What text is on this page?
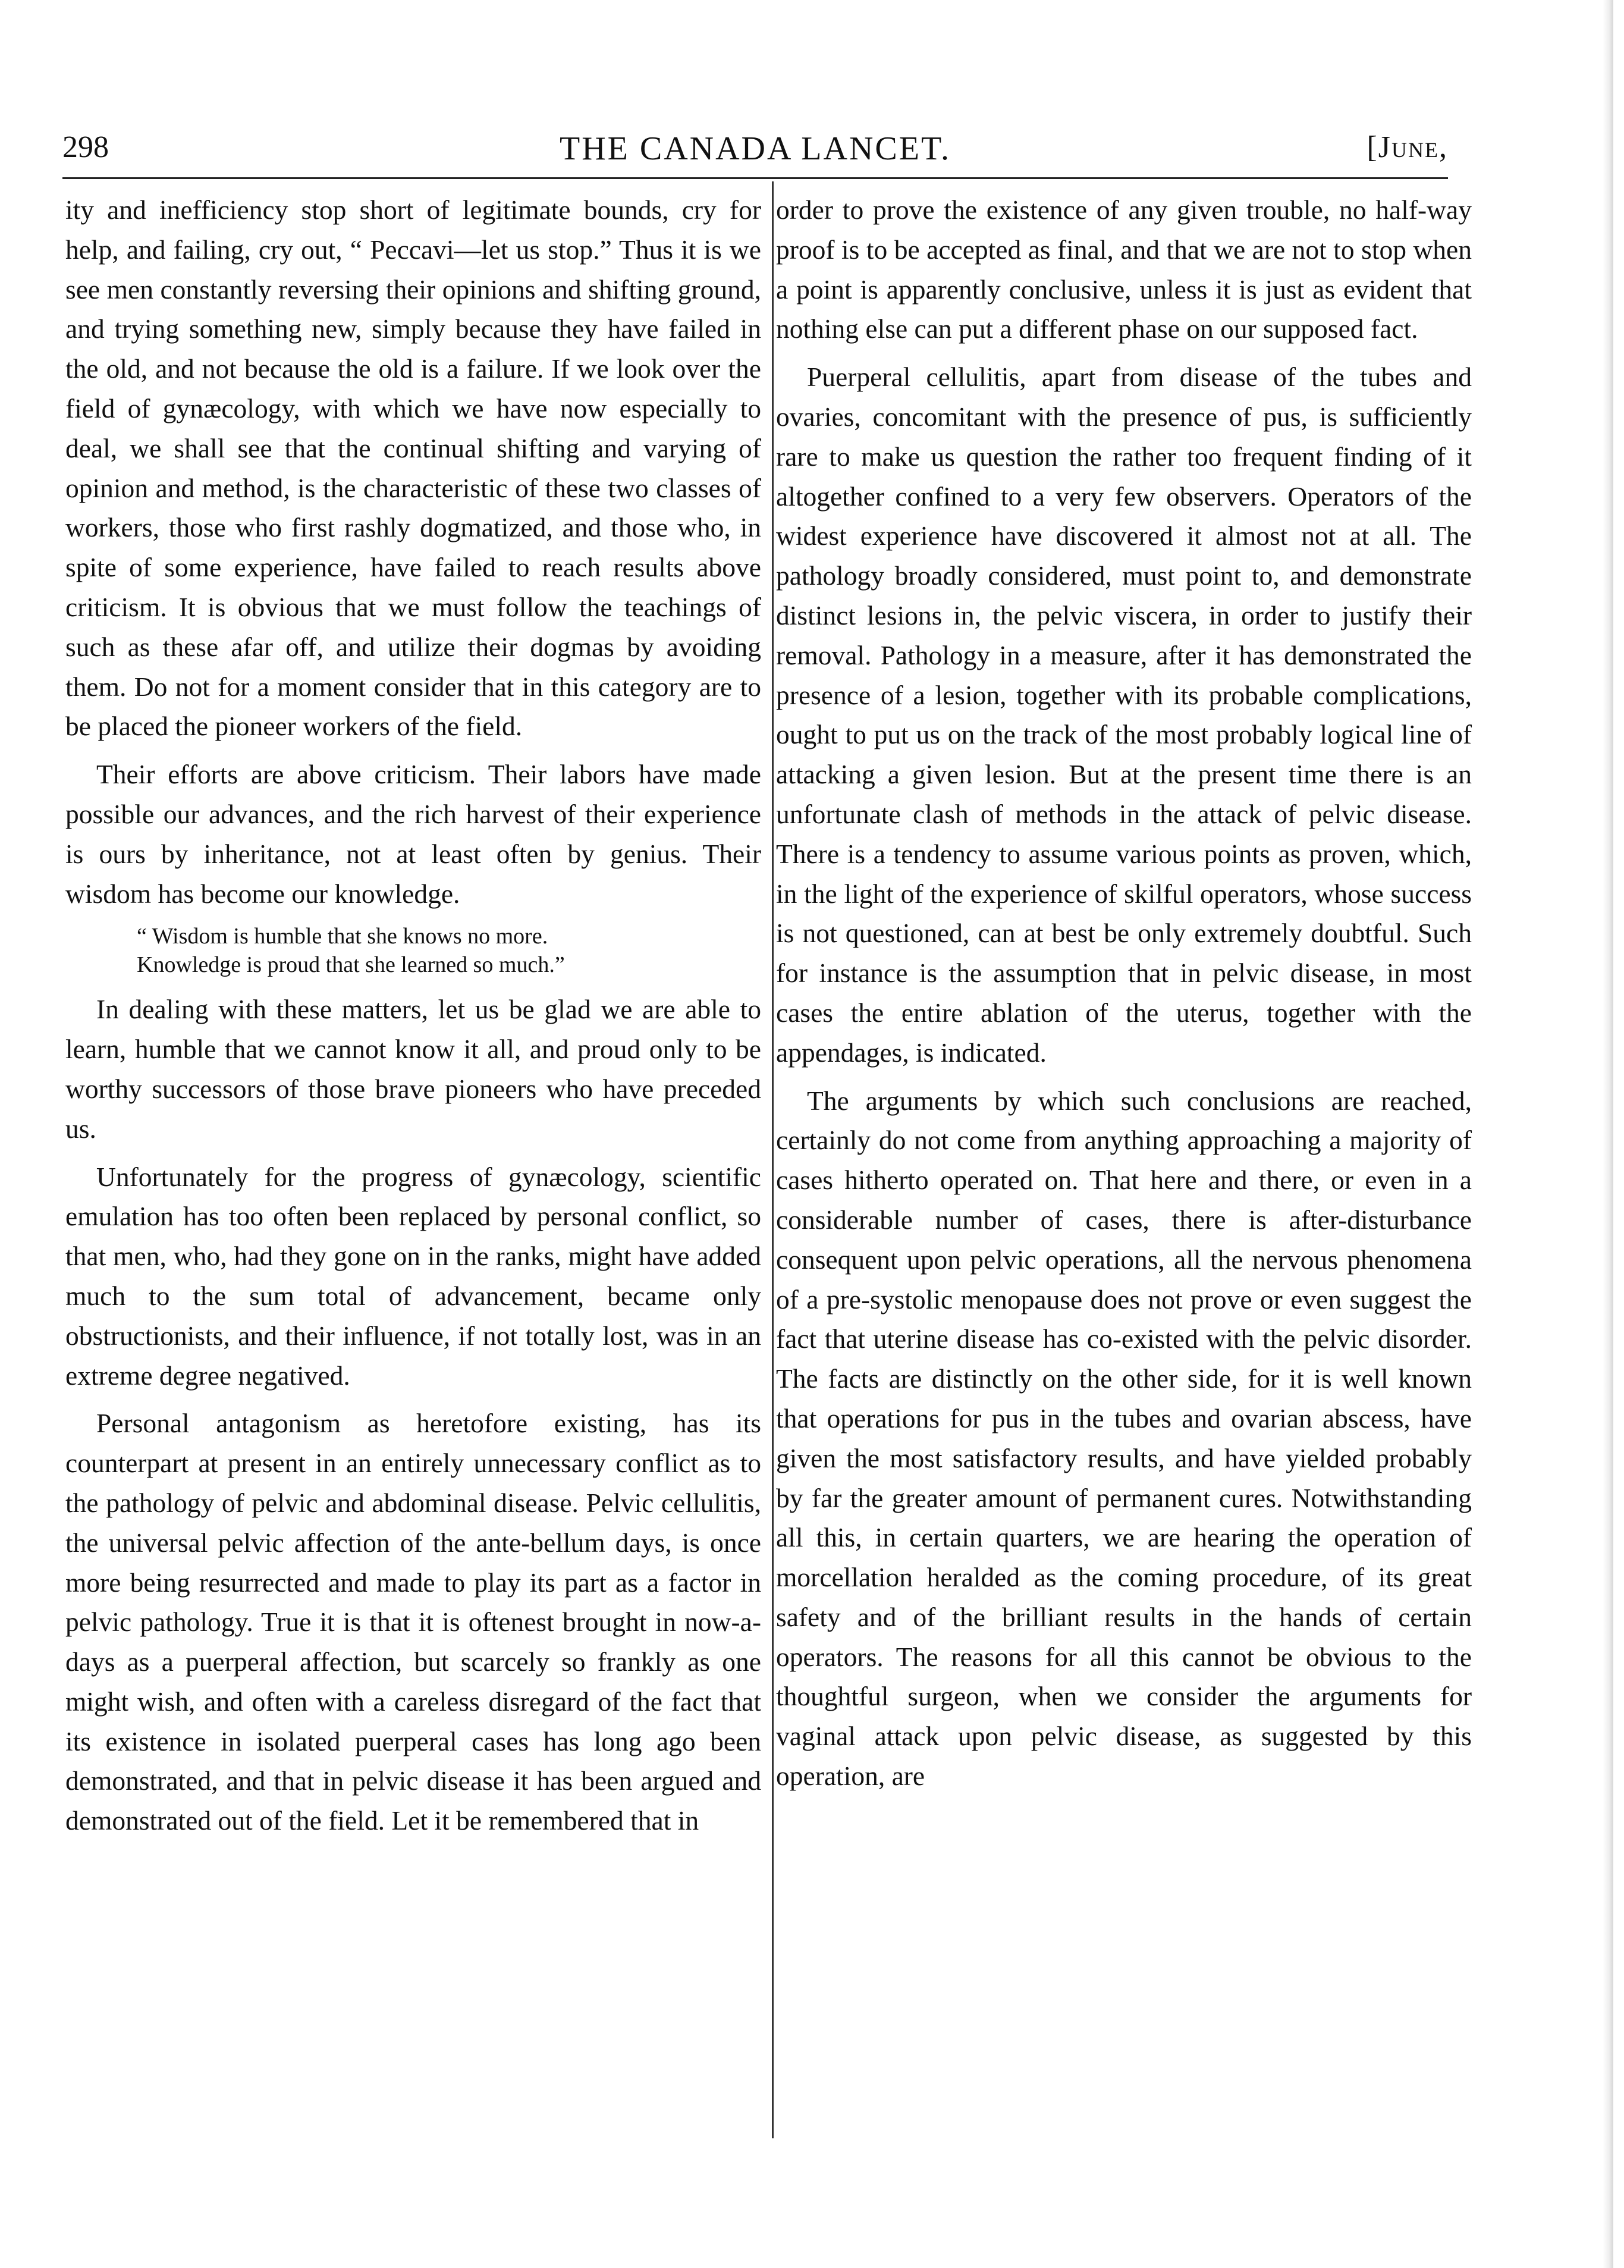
298	THE CANADA LANCET.	[June,

ity and inefficiency stop short of legitimate bounds, cry for help, and failing, cry out, “ Peccavi—let us stop.” Thus it is we see men constantly reversing their opinions and shifting ground, and trying something new, simply because they have failed in the old, and not because the old is a failure. If we look over the field of gynæcology, with which we have now especially to deal, we shall see that the continual shifting and varying of opinion and method, is the characteristic of these two classes of workers, those who first rashly dogmatized, and those who, in spite of some experience, have failed to reach results above criticism. It is obvious that we must follow the teachings of such as these afar off, and utilize their dogmas by avoiding them. Do not for a moment consider that in this category are to be placed the pioneer workers of the field.

Their efforts are above criticism. Their labors have made possible our advances, and the rich harvest of their experience is ours by inheritance, not at least often by genius. Their wisdom has become our knowledge.

“ Wisdom is humble that she knows no more.
Knowledge is proud that she learned so much.”

In dealing with these matters, let us be glad we are able to learn, humble that we cannot know it all, and proud only to be worthy successors of those brave pioneers who have preceded us.

Unfortunately for the progress of gynæcology, scientific emulation has too often been replaced by personal conflict, so that men, who, had they gone on in the ranks, might have added much to the sum total of advancement, became only obstructionists, and their influence, if not totally lost, was in an extreme degree negatived.

Personal antagonism as heretofore existing, has its counterpart at present in an entirely unnecessary conflict as to the pathology of pelvic and abdominal disease. Pelvic cellulitis, the universal pelvic affection of the ante-bellum days, is once more being resurrected and made to play its part as a factor in pelvic pathology. True it is that it is oftenest brought in now-a-days as a puerperal affection, but scarcely so frankly as one might wish, and often with a careless disregard of the fact that its existence in isolated puerperal cases has long ago been demonstrated, and that in pelvic disease it has been argued and demonstrated out of the field. Let it be remembered that in

order to prove the existence of any given trouble, no half-way proof is to be accepted as final, and that we are not to stop when a point is apparently conclusive, unless it is just as evident that nothing else can put a different phase on our supposed fact.

Puerperal cellulitis, apart from disease of the tubes and ovaries, concomitant with the presence of pus, is sufficiently rare to make us question the rather too frequent finding of it altogether confined to a very few observers. Operators of the widest experience have discovered it almost not at all. The pathology broadly considered, must point to, and demonstrate distinct lesions in, the pelvic viscera, in order to justify their removal. Pathology in a measure, after it has demonstrated the presence of a lesion, together with its probable complications, ought to put us on the track of the most probably logical line of attacking a given lesion. But at the present time there is an unfortunate clash of methods in the attack of pelvic disease. There is a tendency to assume various points as proven, which, in the light of the experience of skilful operators, whose success is not questioned, can at best be only extremely doubtful. Such for instance is the assumption that in pelvic disease, in most cases the entire ablation of the uterus, together with the appendages, is indicated.

The arguments by which such conclusions are reached, certainly do not come from anything approaching a majority of cases hitherto operated on. That here and there, or even in a considerable number of cases, there is after-disturbance consequent upon pelvic operations, all the nervous phenomena of a pre-systolic menopause does not prove or even suggest the fact that uterine disease has co-existed with the pelvic disorder. The facts are distinctly on the other side, for it is well known that operations for pus in the tubes and ovarian abscess, have given the most satisfactory results, and have yielded probably by far the greater amount of permanent cures. Notwithstanding all this, in certain quarters, we are hearing the operation of morcellation heralded as the coming procedure, of its great safety and of the brilliant results in the hands of certain operators. The reasons for all this cannot be obvious to the thoughtful surgeon, when we consider the arguments for vaginal attack upon pelvic disease, as suggested by this operation, are
